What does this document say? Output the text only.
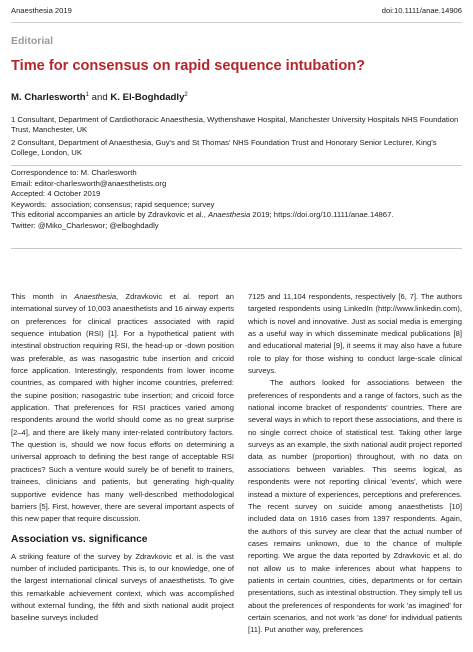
Anaesthesia 2019	doi:10.1111/anae.14906
Editorial
Time for consensus on rapid sequence intubation?
M. Charlesworth$^1$ and K. El-Boghdadly$^2$
1 Consultant, Department of Cardiothoracic Anaesthesia, Wythenshawe Hospital, Manchester University Hospitals NHS Foundation Trust, Manchester, UK
2 Consultant, Department of Anaesthesia, Guy's and St Thomas' NHS Foundation Trust and Honorary Senior Lecturer, King's College, London, UK
Correspondence to: M. Charlesworth
Email: editor-charlesworth@anaesthetists.org
Accepted: 4 October 2019
Keywords:  association; consensus; rapid sequence; survey
This editorial accompanies an article by Zdravkovic et al., Anaesthesia 2019; https://doi.org/10.1111/anae.14867.
Twitter: @Miko_Charleswor; @elboghdadly

This month in Anaesthesia, Zdravkovic et al. report an international survey of 10,003 anaesthetists and 16 airway experts on preferences for clinical practices associated with rapid sequence intubation (RSI) [1]. For a hypothetical patient with intestinal obstruction requiring RSI, the head-up or -down position was preferable, as was nasogastric tube insertion and cricoid force application. Interestingly, respondents from lower income countries, as compared with higher income countries, preferred: the supine position; nasogastric tube insertion; and cricoid force application. That preferences for RSI practices varied among respondents around the world should come as no great surprise [2–4], and there are likely many inter-related contributory factors. The question is, should we now focus efforts on determining a universal approach to defining the best range of acceptable RSI practices? Such a venture would surely be of benefit to trainers, trainees, clinicians and patients, but generating high-quality supportive evidence has many well-described methodological barriers [5]. First, however, there are several important aspects of this new paper that require discussion.

Association vs. significance

A striking feature of the survey by Zdravkovic et al. is the vast number of included participants. This is, to our knowledge, one of the largest international clinical surveys of anaesthetists. To give this remarkable achievement context, which was accomplished without external funding, the fifth and sixth national audit project baseline surveys included

7125 and 11,104 respondents, respectively [6, 7]. The authors targeted respondents using LinkedIn (http://www.linkedin.com), which is novel and innovative. Just as social media is emerging as a useful way in which disseminate medical publications [8] and educational material [9], it seems it may also have a future role to play for those wishing to conduct large-scale clinical surveys.

The authors looked for associations between the preferences of respondents and a range of factors, such as the national income bracket of respondents' countries. There are several ways in which to report these associations, and there is no single correct choice of statistical test. Taking other large surveys as an example, the sixth national audit project reported data as number (proportion) throughout, with no data on associations between variables. This seems logical, as respondents were not reporting clinical 'events', which were instead a mixture of experiences, perceptions and preferences. The recent survey on suicide among anaesthetists [10] included data on 1916 cases from 1397 respondents. Again, the authors of this survey are clear that the actual number of cases remains unknown, due to the chance of multiple reporting. We argue the data reported by Zdravkovic et al. do not allow us to make inferences about what happens to patients in certain countries, cities, departments or for certain presentations, such as intestinal obstruction. They simply tell us about the preferences of respondents for work 'as imagined' for certain scenarios, and not work 'as done' for individual patients [11]. Put another way, preferences
